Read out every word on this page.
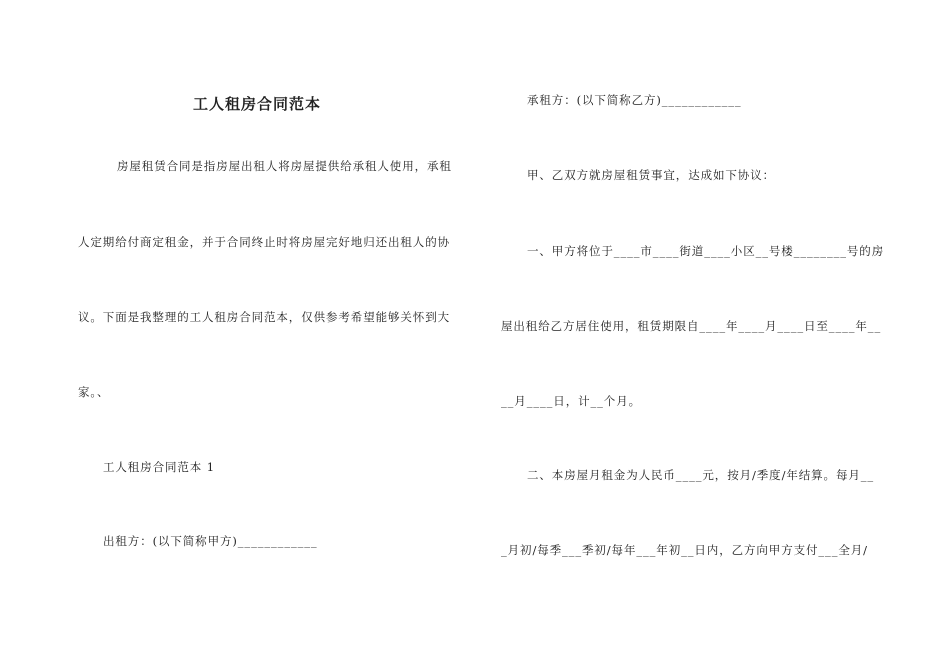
工人租房合同范本
房屋租赁合同是指房屋出租人将房屋提供给承租人使用，承租
人定期给付商定租金，并于合同终止时将房屋完好地归还出租人的协
议。下面是我整理的工人租房合同范本，仅供参考希望能够关怀到大
家。、
工人租房合同范本 1
出租方：(以下简称甲方)____________
承租方：(以下简称乙方)____________
甲、乙双方就房屋租赁事宜，达成如下协议：
一、甲方将位于____市____街道____小区__号楼________号的房
屋出租给乙方居住使用，租赁期限自____年____月____日至____年__
__月____日，计__个月。
二、本房屋月租金为人民币____元，按月/季度/年结算。每月__
_月初/每季___季初/每年___年初__日内，乙方向甲方支付___全月/
